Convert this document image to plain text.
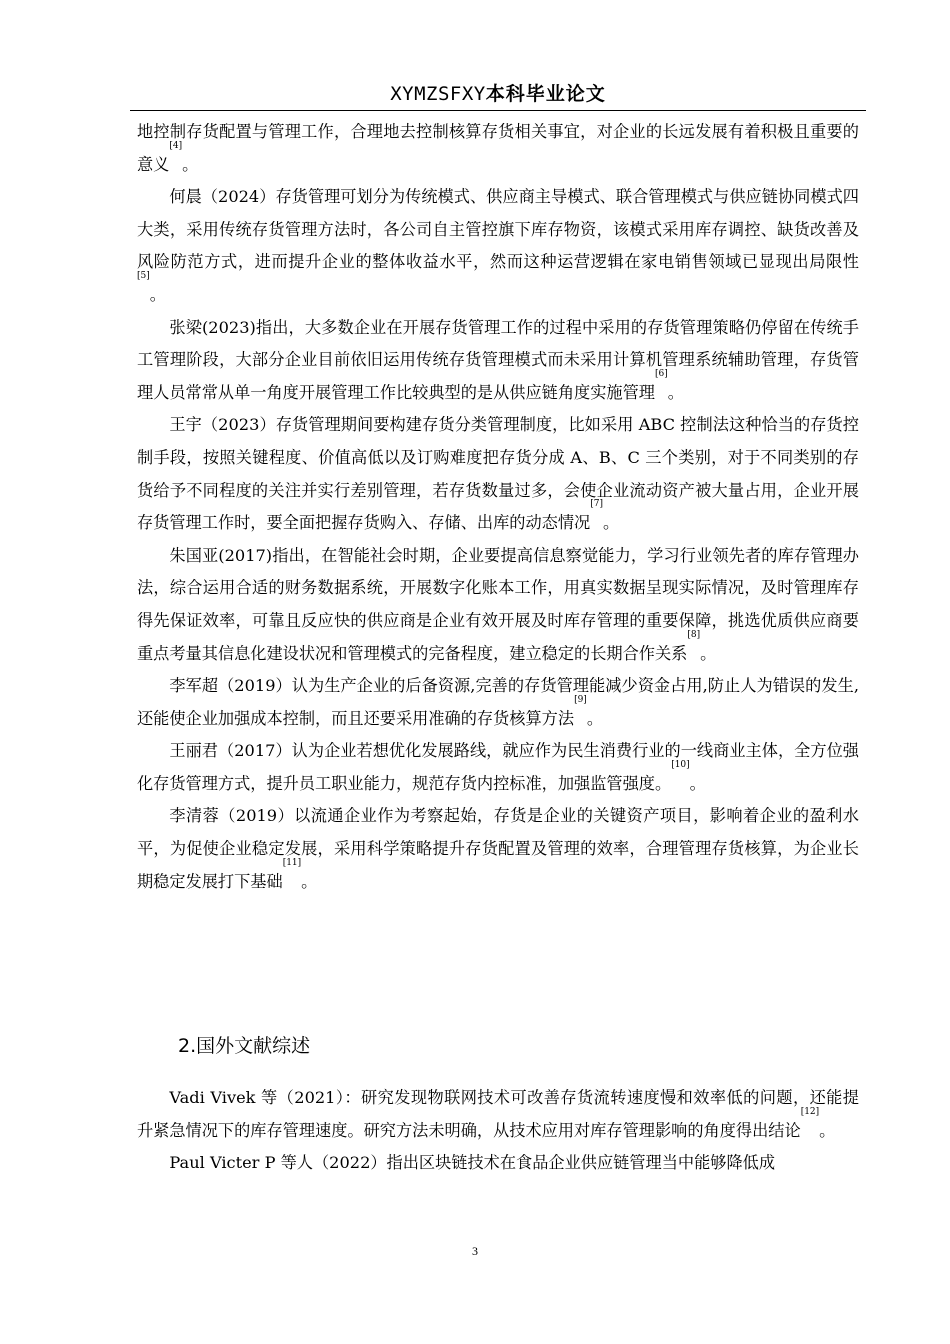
XYMZSFXY本科毕业论文

地控制存货配置与管理工作，合理地去控制核算存货相关事宜，对企业的长远发展有着积极且重要的意义[4]。

何晨（2024）存货管理可划分为传统模式、供应商主导模式、联合管理模式与供应链协同模式四大类，采用传统存货管理方法时，各公司自主管控旗下库存物资，该模式采用库存调控、缺货改善及风险防范方式，进而提升企业的整体收益水平，然而这种运营逻辑在家电销售领域已显现出局限性[5]。

张梁(2023)指出，大多数企业在开展存货管理工作的过程中采用的存货管理策略仍停留在传统手工管理阶段，大部分企业目前依旧运用传统存货管理模式而未采用计算机管理系统辅助管理，存货管理人员常常从单一角度开展管理工作比较典型的是从供应链角度实施管理[6]。

王宇（2023）存货管理期间要构建存货分类管理制度，比如采用 ABC 控制法这种恰当的存货控制手段，按照关键程度、价值高低以及订购难度把存货分成 A、B、C 三个类别，对于不同类别的存货给予不同程度的关注并实行差别管理，若存货数量过多，会使企业流动资产被大量占用，企业开展存货管理工作时，要全面把握存货购入、存储、出库的动态情况[7]。

朱国亚(2017)指出，在智能社会时期，企业要提高信息察觉能力，学习行业领先者的库存管理办法，综合运用合适的财务数据系统，开展数字化账本工作，用真实数据呈现实际情况，及时管理库存得先保证效率，可靠且反应快的供应商是企业有效开展及时库存管理的重要保障，挑选优质供应商要重点考量其信息化建设状况和管理模式的完备程度，建立稳定的长期合作关系[8]。

李军超（2019）认为生产企业的后备资源,完善的存货管理能减少资金占用,防止人为错误的发生,还能使企业加强成本控制，而且还要采用准确的存货核算方法[9]。

王丽君（2017）认为企业若想优化发展路线，就应作为民生消费行业的一线商业主体，全方位强化存货管理方式，提升员工职业能力，规范存货内控标准，加强监管强度。[10]。

李清蓉（2019）以流通企业作为考察起始，存货是企业的关键资产项目，影响着企业的盈利水平，为促使企业稳定发展，采用科学策略提升存货配置及管理的效率，合理管理存货核算，为企业长期稳定发展打下基础[11]。

2.国外文献综述

Vadi Vivek 等（2021）：研究发现物联网技术可改善存货流转速度慢和效率低的问题，还能提升紧急情况下的库存管理速度。研究方法未明确，从技术应用对库存管理影响的角度得出结论[12]。

Paul Victer P 等人（2022）指出区块链技术在食品企业供应链管理当中能够降低成

3
